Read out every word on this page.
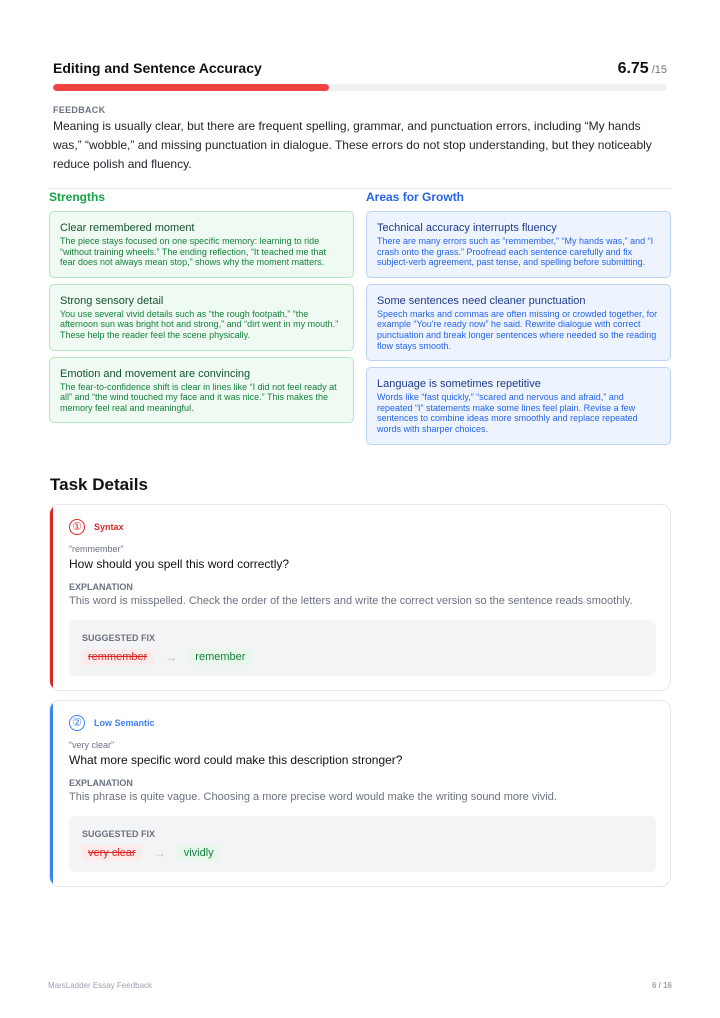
Editing and Sentence Accuracy	6.75 /15
FEEDBACK
Meaning is usually clear, but there are frequent spelling, grammar, and punctuation errors, including “My hands was,” “wobble,” and missing punctuation in dialogue. These errors do not stop understanding, but they noticeably reduce polish and fluency.
Strengths
Clear remembered moment
The piece stays focused on one specific memory: learning to ride “without training wheels.” The ending reflection, “It teached me that fear does not always mean stop,” shows why the moment matters.
Strong sensory detail
You use several vivid details such as “the rough footpath,” “the afternoon sun was bright hot and strong,” and “dirt went in my mouth.” These help the reader feel the scene physically.
Emotion and movement are convincing
The fear-to-confidence shift is clear in lines like “I did not feel ready at all” and “the wind touched my face and it was nice.” This makes the memory feel real and meaningful.
Areas for Growth
Technical accuracy interrupts fluency
There are many errors such as “remmember,” “My hands was,” and “I crash onto the grass.” Proofread each sentence carefully and fix subject-verb agreement, past tense, and spelling before submitting.
Some sentences need cleaner punctuation
Speech marks and commas are often missing or crowded together, for example “You're ready now” he said. Rewrite dialogue with correct punctuation and break longer sentences where needed so the reading flow stays smooth.
Language is sometimes repetitive
Words like “fast quickly,” “scared and nervous and afraid,” and repeated “I” statements make some lines feel plain. Revise a few sentences to combine ideas more smoothly and replace repeated words with sharper choices.
Task Details
①	Syntax
“remmember”
How should you spell this word correctly?
EXPLANATION
This word is misspelled. Check the order of the letters and write the correct version so the sentence reads smoothly.
SUGGESTED FIX
remmember	→	remember
②	Low Semantic
“very clear”
What more specific word could make this description stronger?
EXPLANATION
This phrase is quite vague. Choosing a more precise word would make the writing sound more vivid.
SUGGESTED FIX
very clear	→	vividly
MarsLadder Essay Feedback	6 / 16
